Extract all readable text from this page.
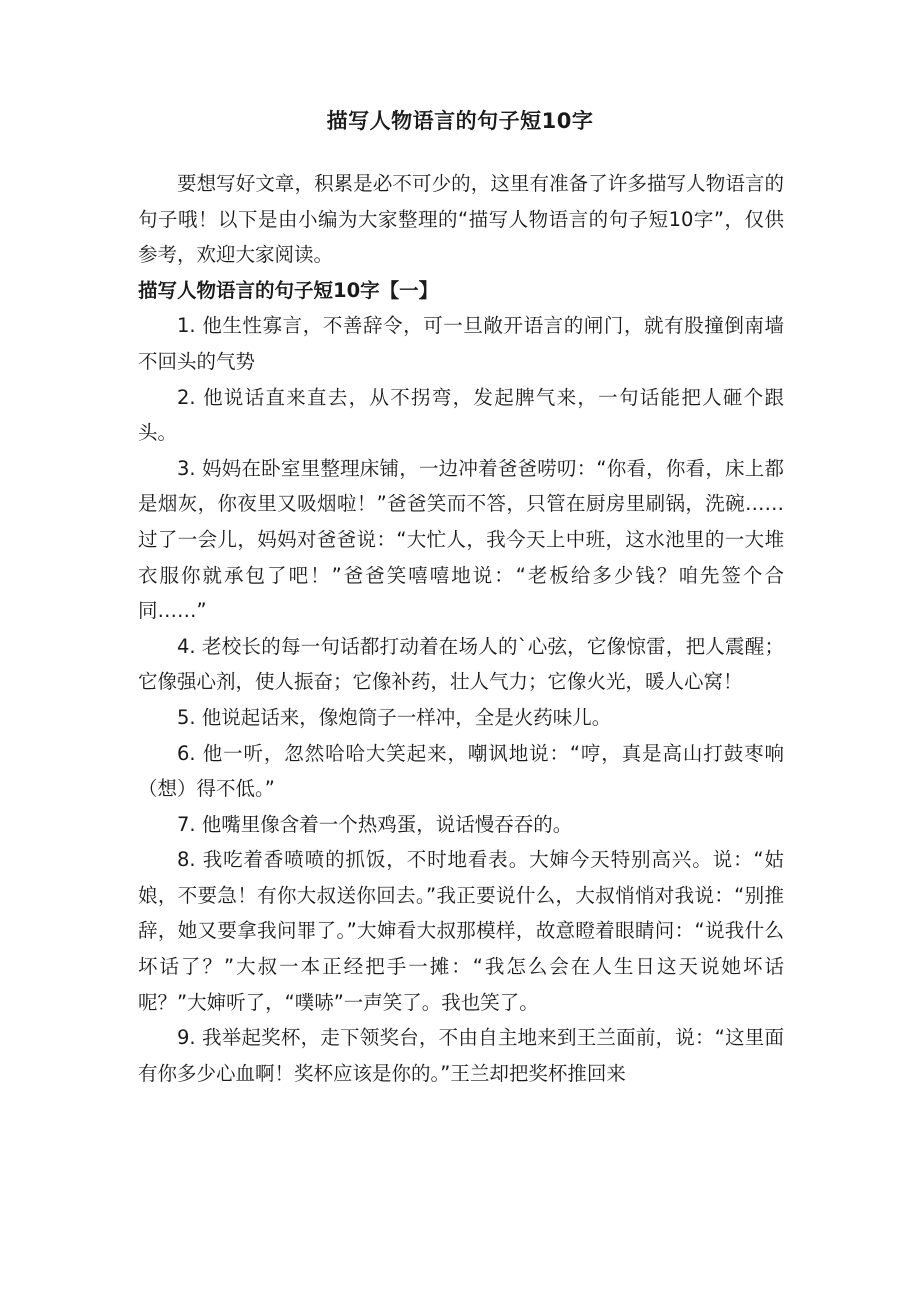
描写人物语言的句子短10字

要想写好文章，积累是必不可少的，这里有准备了许多描写人物语言的句子哦！以下是由小编为大家整理的“描写人物语言的句子短10字”，仅供参考，欢迎大家阅读。

描写人物语言的句子短10字【一】

1. 他生性寡言，不善辞令，可一旦敞开语言的闸门，就有股撞倒南墙不回头的气势

2. 他说话直来直去，从不拐弯，发起脾气来，一句话能把人砸个跟头。

3. 妈妈在卧室里整理床铺，一边冲着爸爸唠叨：“你看，你看，床上都是烟灰，你夜里又吸烟啦！”爸爸笑而不答，只管在厨房里刷锅，洗碗……过了一会儿，妈妈对爸爸说：“大忙人，我今天上中班，这水池里的一大堆衣服你就承包了吧！”爸爸笑嘻嘻地说：“老板给多少钱？咱先签个合同……”

4. 老校长的每一句话都打动着在场人的`心弦，它像惊雷，把人震醒；它像强心剂，使人振奋；它像补药，壮人气力；它像火光，暖人心窝！

5. 他说起话来，像炮筒子一样冲，全是火药味儿。

6. 他一听，忽然哈哈大笑起来，嘲讽地说：“哼，真是高山打鼓枣响（想）得不低。”

7. 他嘴里像含着一个热鸡蛋，说话慢吞吞的。

8. 我吃着香喷喷的抓饭，不时地看表。大婶今天特别高兴。说：“姑娘，不要急！有你大叔送你回去。”我正要说什么，大叔悄悄对我说：“别推辞，她又要拿我问罪了。”大婶看大叔那模样，故意瞪着眼睛问：“说我什么坏话了？”大叔一本正经把手一摊：“我怎么会在人生日这天说她坏话呢？”大婶听了，“噗哧”一声笑了。我也笑了。

9. 我举起奖杯，走下领奖台，不由自主地来到王兰面前，说：“这里面有你多少心血啊！奖杯应该是你的。”王兰却把奖杯推回来
